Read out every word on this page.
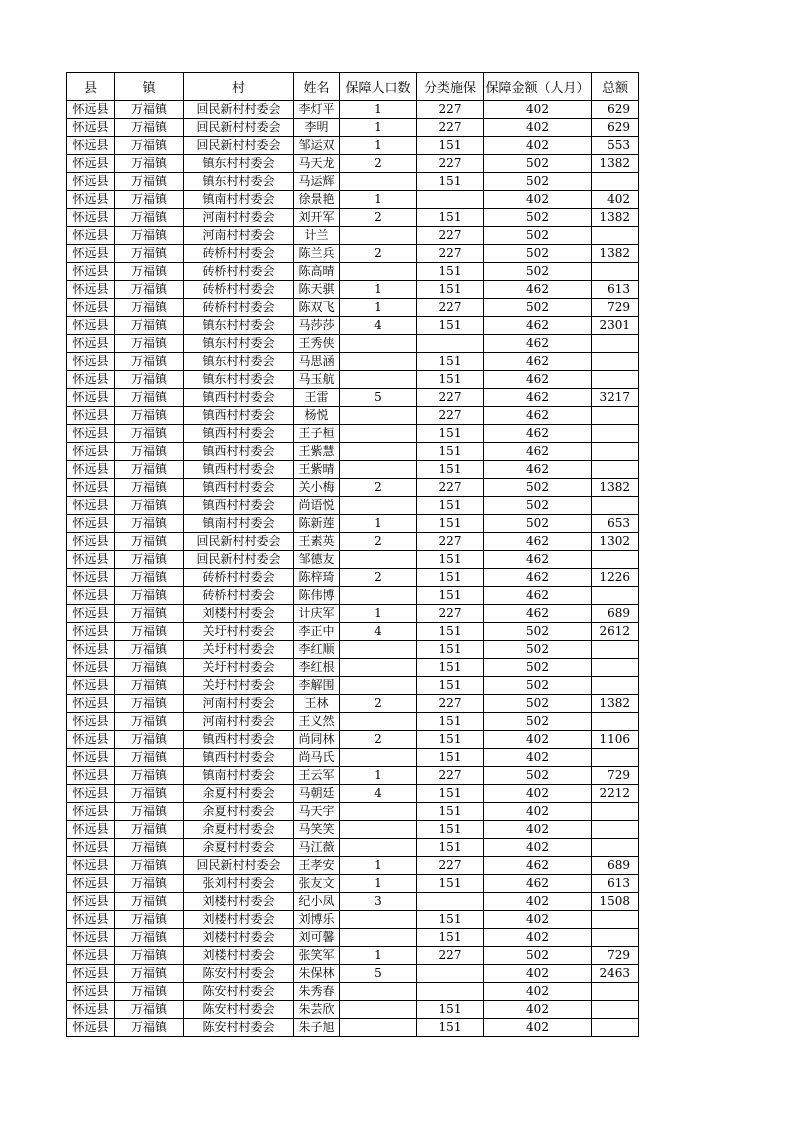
县	镇	村	姓名	保障人口数	分类施保	保障金额（人月）	总额
怀远县	万福镇	回民新村村委会	李灯平	1	227	402	629
怀远县	万福镇	回民新村村委会	李明	1	227	402	629
怀远县	万福镇	回民新村村委会	邹运双	1	151	402	553
怀远县	万福镇	镇东村村委会	马天龙	2	227	502	1382
怀远县	万福镇	镇东村村委会	马运辉		151	502	
怀远县	万福镇	镇南村村委会	徐景艳	1		402	402
怀远县	万福镇	河南村村委会	刘开军	2	151	502	1382
怀远县	万福镇	河南村村委会	计兰		227	502	
怀远县	万福镇	砖桥村村委会	陈兰兵	2	227	502	1382
怀远县	万福镇	砖桥村村委会	陈高晴		151	502	
怀远县	万福镇	砖桥村村委会	陈天骐	1	151	462	613
怀远县	万福镇	砖桥村村委会	陈双飞	1	227	502	729
怀远县	万福镇	镇东村村委会	马莎莎	4	151	462	2301
怀远县	万福镇	镇东村村委会	王秀侠			462	
怀远县	万福镇	镇东村村委会	马思涵		151	462	
怀远县	万福镇	镇东村村委会	马玉航		151	462	
怀远县	万福镇	镇西村村委会	王雷	5	227	462	3217
怀远县	万福镇	镇西村村委会	杨悦		227	462	
怀远县	万福镇	镇西村村委会	王子桓		151	462	
怀远县	万福镇	镇西村村委会	王紫慧		151	462	
怀远县	万福镇	镇西村村委会	王紫晴		151	462	
怀远县	万福镇	镇西村村委会	关小梅	2	227	502	1382
怀远县	万福镇	镇西村村委会	尚语悦		151	502	
怀远县	万福镇	镇南村村委会	陈新莲	1	151	502	653
怀远县	万福镇	回民新村村委会	王素英	2	227	462	1302
怀远县	万福镇	回民新村村委会	邹德友		151	462	
怀远县	万福镇	砖桥村村委会	陈梓琦	2	151	462	1226
怀远县	万福镇	砖桥村村委会	陈伟博		151	462	
怀远县	万福镇	刘楼村村委会	计庆军	1	227	462	689
怀远县	万福镇	关圩村村委会	李正中	4	151	502	2612
怀远县	万福镇	关圩村村委会	李红顺		151	502	
怀远县	万福镇	关圩村村委会	李红根		151	502	
怀远县	万福镇	关圩村村委会	李解围		151	502	
怀远县	万福镇	河南村村委会	王林	2	227	502	1382
怀远县	万福镇	河南村村委会	王义然		151	502	
怀远县	万福镇	镇西村村委会	尚同林	2	151	402	1106
怀远县	万福镇	镇西村村委会	尚马氏		151	402	
怀远县	万福镇	镇南村村委会	王云军	1	227	502	729
怀远县	万福镇	余夏村村委会	马朝廷	4	151	402	2212
怀远县	万福镇	余夏村村委会	马天宇		151	402	
怀远县	万福镇	余夏村村委会	马笑笑		151	402	
怀远县	万福镇	余夏村村委会	马江薇		151	402	
怀远县	万福镇	回民新村村委会	王孝安	1	227	462	689
怀远县	万福镇	张刘村村委会	张友文	1	151	462	613
怀远县	万福镇	刘楼村村委会	纪小凤	3		402	1508
怀远县	万福镇	刘楼村村委会	刘博乐		151	402	
怀远县	万福镇	刘楼村村委会	刘可馨		151	402	
怀远县	万福镇	刘楼村村委会	张笑军	1	227	502	729
怀远县	万福镇	陈安村村委会	朱保林	5		402	2463
怀远县	万福镇	陈安村村委会	朱秀春			402	
怀远县	万福镇	陈安村村委会	朱芸欣		151	402	
怀远县	万福镇	陈安村村委会	朱子旭		151	402	
